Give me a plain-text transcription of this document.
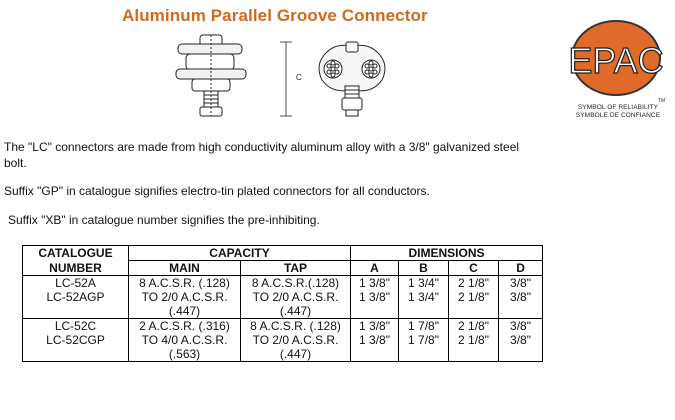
Aluminum Parallel Groove Connector
C	EPAC
TM
SYMBOL OF RELIABILITY
SYMBOLE DE CONFIANCE
The "LC" connectors are made from high conductivity aluminum alloy with a 3/8" galvanized steel bolt.
Suffix "GP" in catalogue signifies electro-tin plated connectors for all conductors.
Suffix "XB" in catalogue number signifies the pre-inhibiting.
CATALOGUE	CAPACITY		DIMENSIONS			
NUMBER	MAIN	TAP	A	B	C	D
LC-52A	8 A.C.S.R. (.128)	8 A.C.S.R.(.128)	1 3/8"	1 3/4"	2 1/8"	3/8"
LC-52AGP	TO 2/0 A.C.S.R. (.447)	TO 2/0 A.C.S.R. (.447)	1 3/8"	1 3/4"	2 1/8"	3/8"
LC-52C	2 A.C.S.R. (.316)	8 A.C.S.R. (.128)	1 3/8"	1 7/8"	2 1/8"	3/8"
LC-52CGP	TO 4/0 A.C.S.R. (.563)	TO 2/0 A.C.S.R. (.447)	1 3/8"	1 7/8"	2 1/8"	3/8"
